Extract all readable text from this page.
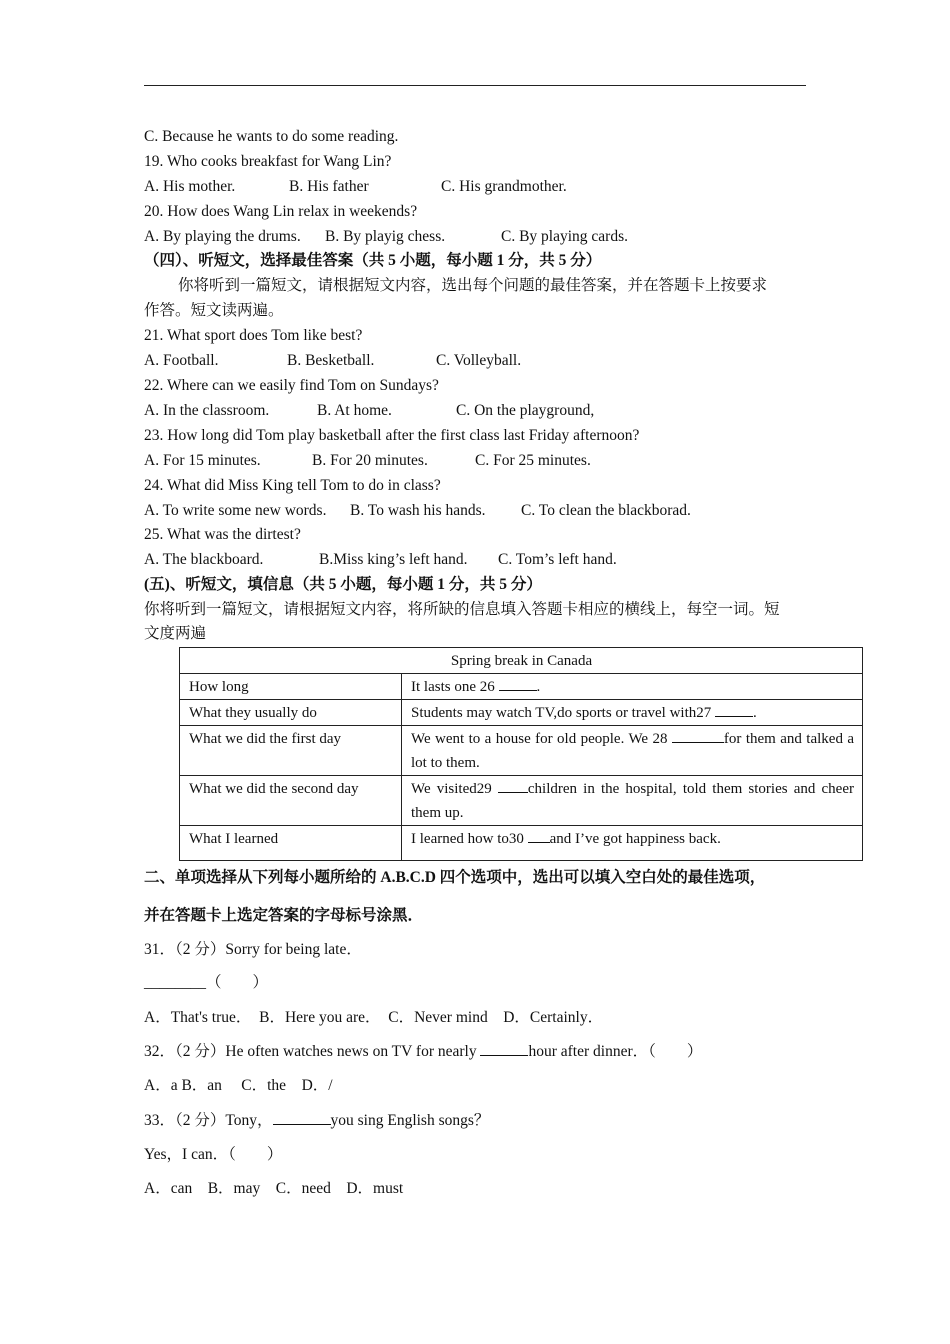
C. Because he wants to do some reading.
19. Who cooks breakfast for Wang Lin?
A. His mother.	B. His father	C. His grandmother.
20. How does Wang Lin relax in weekends?
A. By playing the drums. B. By playig chess.	C. By playing cards.
（四）、听短文，选择最佳答案（共 5 小题，每小题 1 分，共 5 分）
你将听到一篇短文，请根据短文内容，选出每个问题的最佳答案，并在答题卡上按要求
作答。短文读两遍。
21. What sport does Tom like best?
A. Football.	B. Besketball.	C. Volleyball.
22. Where can we easily find Tom on Sundays?
A. In the classroom.	B. At home.	C. On the playground,
23. How long did Tom play basketball after the first class last Friday afternoon?
A. For 15 minutes.	B. For 20 minutes.	C. For 25 minutes.
24. What did Miss King tell Tom to do in class?
A. To write some new words. B. To wash his hands. C. To clean the blackborad.
25. What was the dirtest?
A. The blackboard.	B.Miss king’s left hand. C. Tom’s left hand.
(五)、听短文，填信息（共 5 小题，每小题 1 分，共 5 分）
你将听到一篇短文，请根据短文内容，将所缺的信息填入答题卡相应的横线上，每空一词。短
文度两遍
Spring break in Canada	
How long	It lasts one 26 .
What they usually do	Students may watch TV,do sports or travel with27 .
What we did the first day	We went to a house for old people. We 28 for them and talked a lot to them.
What we did the second day	We visited29 children in the hospital, told them stories and cheer them up.
What I learned	I learned how to30 and I’ve got happiness back.
二、单项选择从下列每小题所给的 A.B.C.D 四个选项中，选出可以填入空白处的最佳选项，
并在答题卡上选定答案的字母标号涂黑．
31．（2 分）Sorry for being late．
________（　　）
A．That's true．　B．Here you are．　C．Never mind　D．Certainly．
32．（2 分）He often watches news on TV for nearly	hour after dinner．（　　）
A．a B．an　 C．the　D．/
33．（2 分）Tony，	you sing English songs？
Yes，I can．（　　）
A．can　B．may　C．need　D．must
